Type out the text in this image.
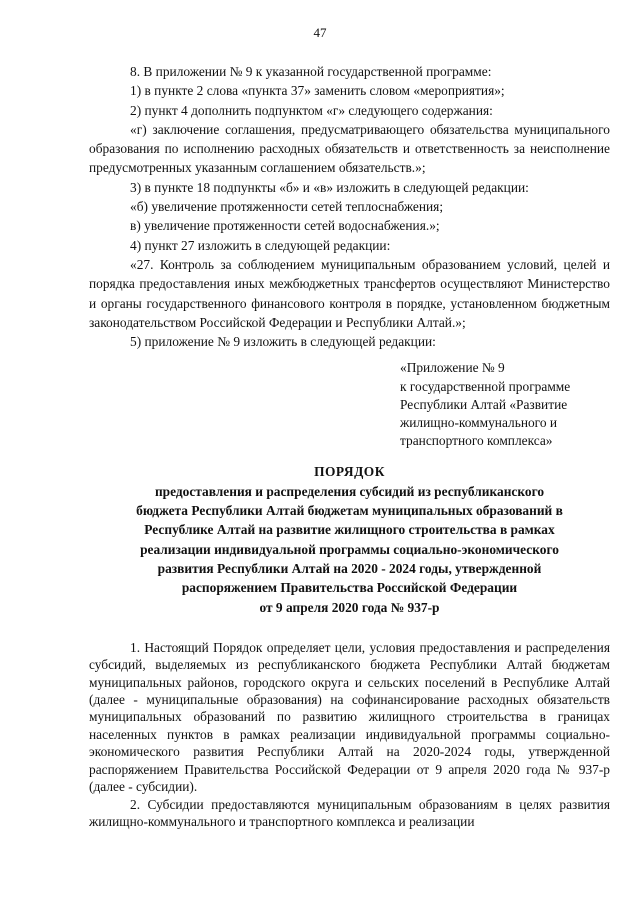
47

8. В приложении № 9 к указанной государственной программе:

1) в пункте 2 слова «пункта 37» заменить словом «мероприятия»;

2) пункт 4 дополнить подпунктом «г» следующего содержания:

«г) заключение соглашения, предусматривающего обязательства муниципального образования по исполнению расходных обязательств и ответственность за неисполнение предусмотренных указанным соглашением обязательств.»;

3) в пункте 18 подпункты «б» и «в» изложить в следующей редакции:

«б) увеличение протяженности сетей теплоснабжения;

в) увеличение протяженности сетей водоснабжения.»;

4) пункт 27 изложить в следующей редакции:

«27. Контроль за соблюдением муниципальным образованием условий, целей и порядка предоставления иных межбюджетных трансфертов осуществляют Министерство и органы государственного финансового контроля в порядке, установленном бюджетным законодательством Российской Федерации и Республики Алтай.»;

5) приложение № 9 изложить в следующей редакции:

«Приложение № 9
к государственной программе
Республики Алтай «Развитие
жилищно-коммунального и
транспортного комплекса»
ПОРЯДОК
предоставления и распределения субсидий из республиканского
бюджета Республики Алтай бюджетам муниципальных образований в
Республике Алтай на развитие жилищного строительства в рамках
реализации индивидуальной программы социально-экономического
развития Республики Алтай на 2020 - 2024 годы, утвержденной
распоряжением Правительства Российской Федерации
от 9 апреля 2020 года № 937-р

1. Настоящий Порядок определяет цели, условия предоставления и распределения субсидий, выделяемых из республиканского бюджета Республики Алтай бюджетам муниципальных районов, городского округа и сельских поселений в Республике Алтай (далее - муниципальные образования) на софинансирование расходных обязательств муниципальных образований по развитию жилищного строительства в границах населенных пунктов в рамках реализации индивидуальной программы социально-экономического развития Республики Алтай на 2020-2024 годы, утвержденной распоряжением Правительства Российской Федерации от 9 апреля 2020 года № 937-р (далее - субсидии).

2. Субсидии предоставляются муниципальным образованиям в целях развития жилищно-коммунального и транспортного комплекса и реализации
